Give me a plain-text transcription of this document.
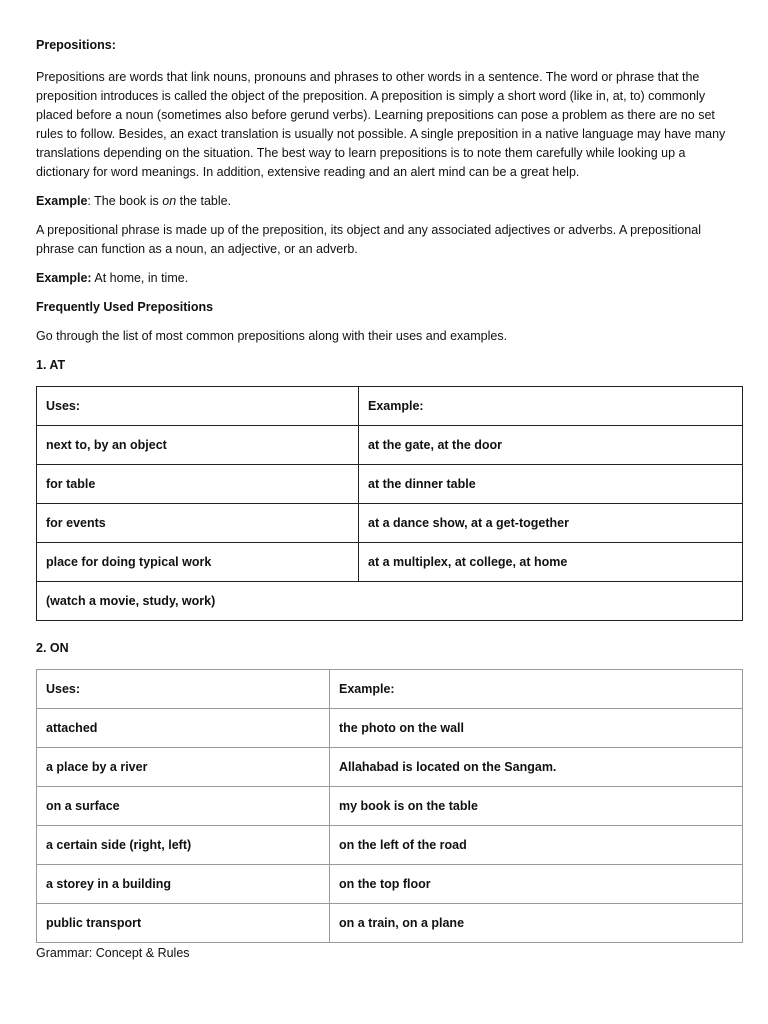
Prepositions:

Prepositions are words that link nouns, pronouns and phrases to other words in a sentence. The word or phrase that the preposition introduces is called the object of the preposition. A preposition is simply a short word (like in, at, to) commonly placed before a noun (sometimes also before gerund verbs). Learning prepositions can pose a problem as there are no set rules to follow. Besides, an exact translation is usually not possible. A single preposition in a native language may have many translations depending on the situation. The best way to learn prepositions is to note them carefully while looking up a dictionary for word meanings. In addition, extensive reading and an alert mind can be a great help.

Example: The book is on the table.

A prepositional phrase is made up of the preposition, its object and any associated adjectives or adverbs. A prepositional phrase can function as a noun, an adjective, or an adverb.

Example: At home, in time.

Frequently Used Prepositions

Go through the list of most common prepositions along with their uses and examples.

1. AT
Uses:	Example:
next to, by an object	at the gate, at the door
for table	at the dinner table
for events	at a dance show, at a get-together
place for doing typical work	at a multiplex, at college, at home
(watch a movie, study, work)	
2. ON
Uses:	Example:
attached	the photo on the wall
a place by a river	Allahabad is located on the Sangam.
on a surface	my book is on the table
a certain side (right, left)	on the left of the road
a storey in a building	on the top floor
public transport	on a train, on a plane
Grammar: Concept & Rules
